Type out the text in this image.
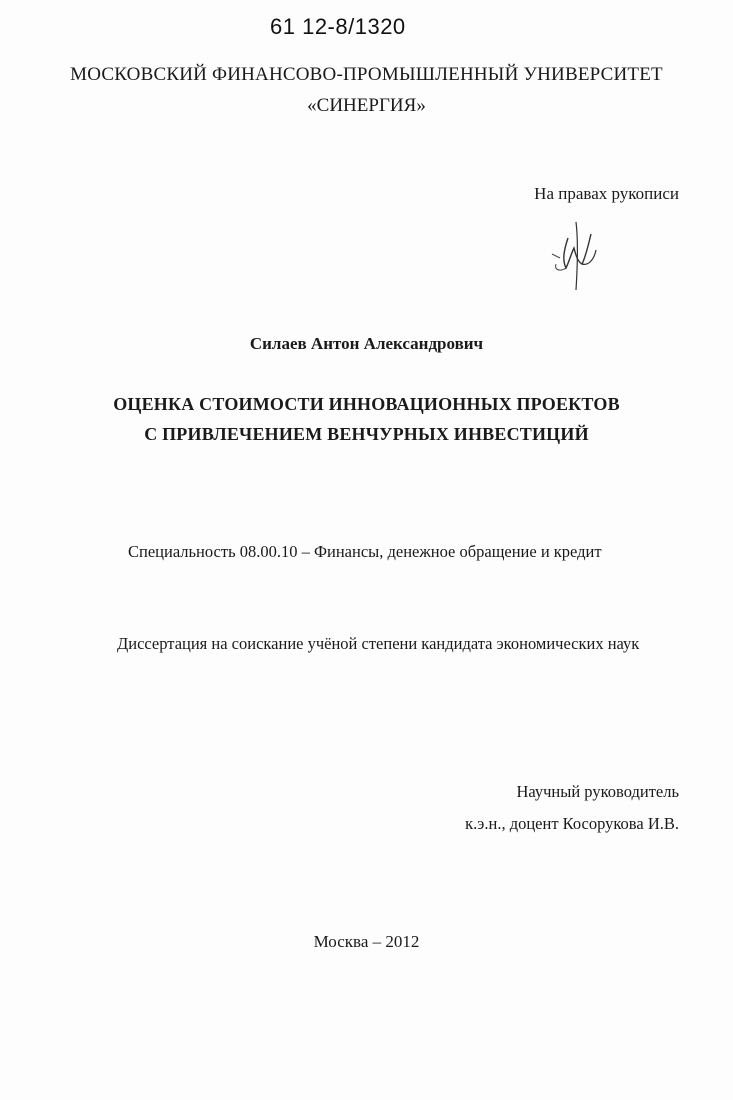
61 12-8/1320
МОСКОВСКИЙ ФИНАНСОВО-ПРОМЫШЛЕННЫЙ УНИВЕРСИТЕТ
«СИНЕРГИЯ»
На правах рукописи
Силаев Антон Александрович
ОЦЕНКА СТОИМОСТИ ИННОВАЦИОННЫХ ПРОЕКТОВ
С ПРИВЛЕЧЕНИЕМ ВЕНЧУРНЫХ ИНВЕСТИЦИЙ
Специальность 08.00.10 – Финансы, денежное обращение и кредит
Диссертация на соискание учёной степени кандидата экономических наук
Научный руководитель
к.э.н., доцент Косорукова И.В.
Москва – 2012
